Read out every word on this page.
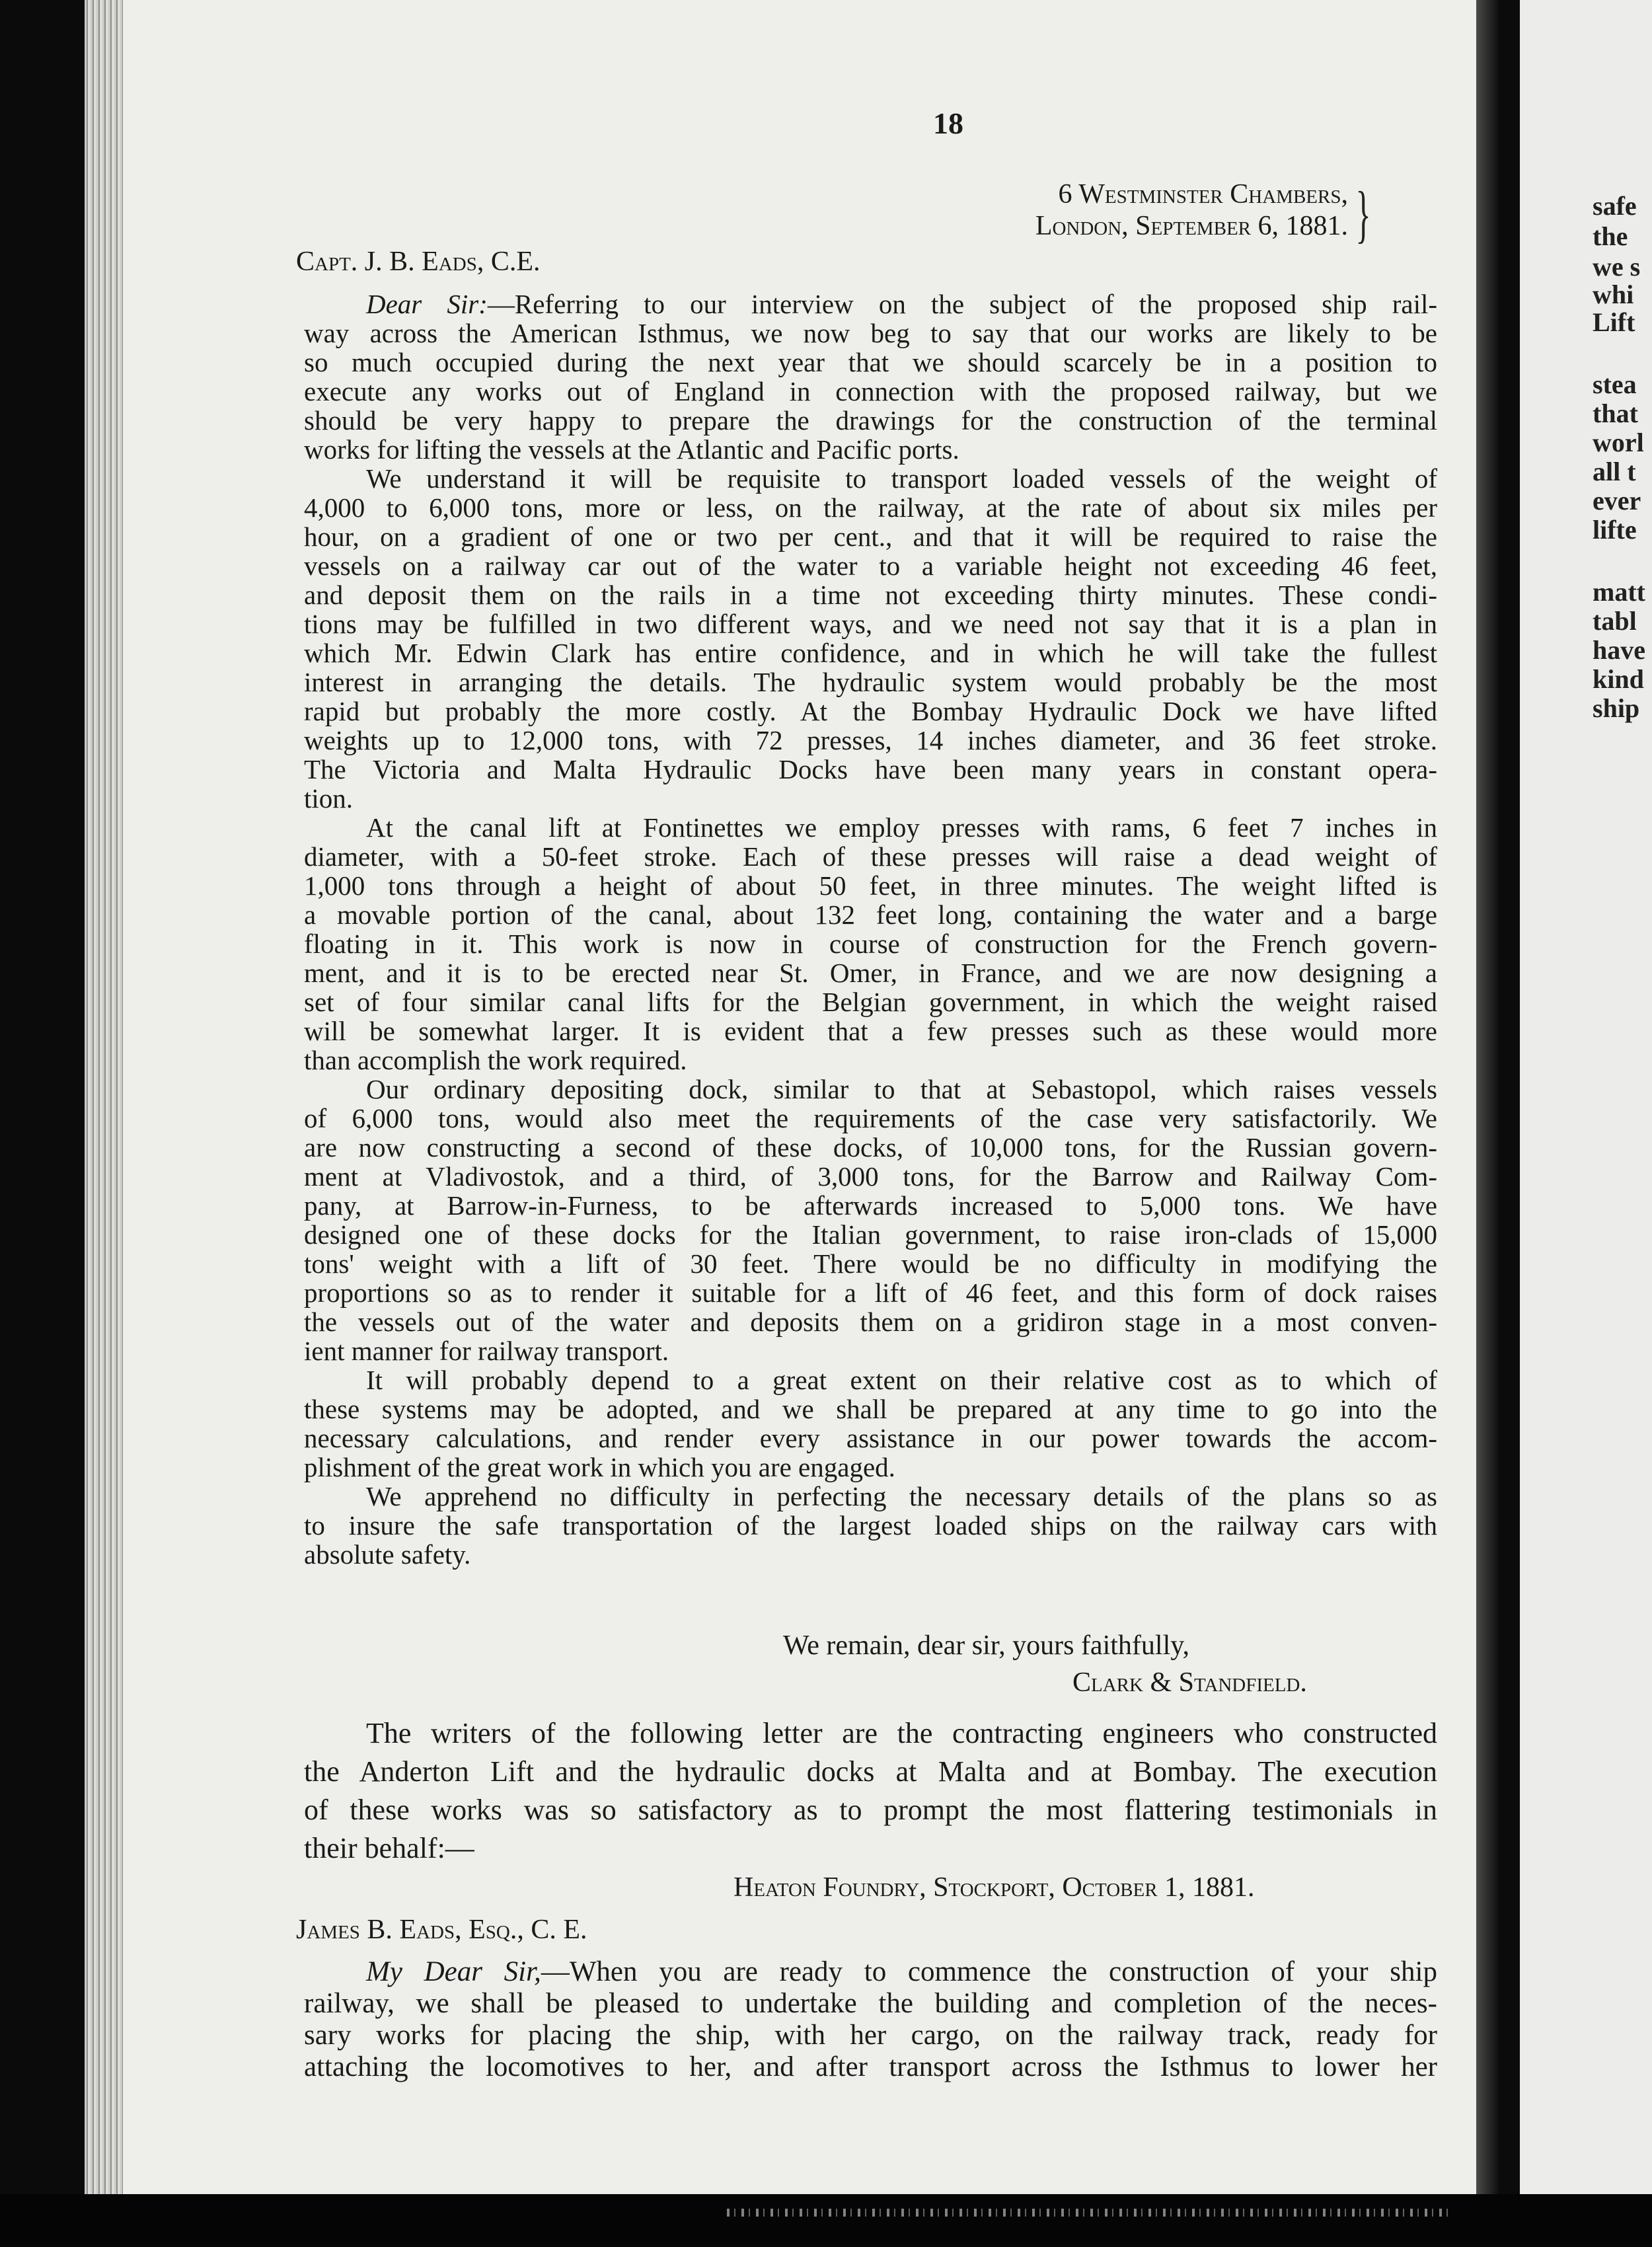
18
6 Westminster Chambers,
London, September 6, 1881. }
Capt. J. B. Eads, C.E.
Dear Sir:—Referring to our interview on the subject of the proposed ship rail-
way across the American Isthmus, we now beg to say that our works are likely to be
so much occupied during the next year that we should scarcely be in a position to
execute any works out of England in connection with the proposed railway, but we
should be very happy to prepare the drawings for the construction of the terminal
works for lifting the vessels at the Atlantic and Pacific ports.
We understand it will be requisite to transport loaded vessels of the weight of
4,000 to 6,000 tons, more or less, on the railway, at the rate of about six miles per
hour, on a gradient of one or two per cent., and that it will be required to raise the
vessels on a railway car out of the water to a variable height not exceeding 46 feet,
and deposit them on the rails in a time not exceeding thirty minutes. These condi-
tions may be fulfilled in two different ways, and we need not say that it is a plan in
which Mr. Edwin Clark has entire confidence, and in which he will take the fullest
interest in arranging the details. The hydraulic system would probably be the most
rapid but probably the more costly. At the Bombay Hydraulic Dock we have lifted
weights up to 12,000 tons, with 72 presses, 14 inches diameter, and 36 feet stroke.
The Victoria and Malta Hydraulic Docks have been many years in constant opera-
tion.
At the canal lift at Fontinettes we employ presses with rams, 6 feet 7 inches in
diameter, with a 50-feet stroke. Each of these presses will raise a dead weight of
1,000 tons through a height of about 50 feet, in three minutes. The weight lifted is
a movable portion of the canal, about 132 feet long, containing the water and a barge
floating in it. This work is now in course of construction for the French govern-
ment, and it is to be erected near St. Omer, in France, and we are now designing a
set of four similar canal lifts for the Belgian government, in which the weight raised
will be somewhat larger. It is evident that a few presses such as these would more
than accomplish the work required.
Our ordinary depositing dock, similar to that at Sebastopol, which raises vessels
of 6,000 tons, would also meet the requirements of the case very satisfactorily. We
are now constructing a second of these docks, of 10,000 tons, for the Russian govern-
ment at Vladivostok, and a third, of 3,000 tons, for the Barrow and Railway Com-
pany, at Barrow-in-Furness, to be afterwards increased to 5,000 tons. We have
designed one of these docks for the Italian government, to raise iron-clads of 15,000
tons' weight with a lift of 30 feet. There would be no difficulty in modifying the
proportions so as to render it suitable for a lift of 46 feet, and this form of dock raises
the vessels out of the water and deposits them on a gridiron stage in a most conven-
ient manner for railway transport.
It will probably depend to a great extent on their relative cost as to which of
these systems may be adopted, and we shall be prepared at any time to go into the
necessary calculations, and render every assistance in our power towards the accom-
plishment of the great work in which you are engaged.
We apprehend no difficulty in perfecting the necessary details of the plans so as
to insure the safe transportation of the largest loaded ships on the railway cars with
absolute safety.
We remain, dear sir, yours faithfully,
Clark & Standfield.
The writers of the following letter are the contracting engineers who constructed
the Anderton Lift and the hydraulic docks at Malta and at Bombay. The execution
of these works was so satisfactory as to prompt the most flattering testimonials in
their behalf:—
Heaton Foundry, Stockport, October 1, 1881.
James B. Eads, Esq., C. E.
My Dear Sir,—When you are ready to commence the construction of your ship
railway, we shall be pleased to undertake the building and completion of the neces-
sary works for placing the ship, with her cargo, on the railway track, ready for
attaching the locomotives to her, and after transport across the Isthmus to lower her
safe
the
we s
whi
Lift
stea
that
worl
all t
ever
lifte
matt
tabl
have
kind
ship
